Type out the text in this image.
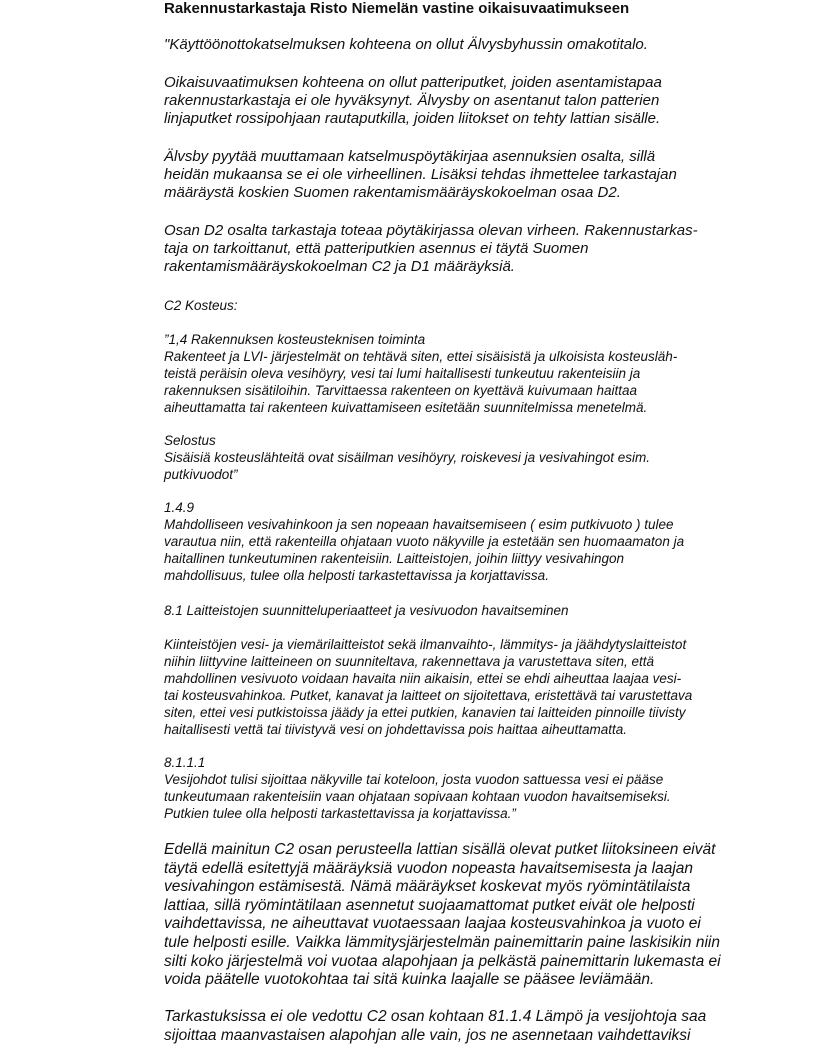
Rakennustarkastaja Risto Niemelän vastine oikaisuvaatimukseen

"Käyttöönottokatselmuksen kohteena on ollut Älvysbyhussin omakotitalo.

Oikaisuvaatimuksen kohteena on ollut patteriputket, joiden asentamistapaa
rakennustarkastaja ei ole hyväksynyt. Älvysby on asentanut talon patterien
linjaputket rossipohjaan rautaputkilla, joiden liitokset on tehty lattian sisälle.

Älvsby pyytää muuttamaan katselmuspöytäkirjaa asennuksien osalta, sillä
heidän mukaansa se ei ole virheellinen. Lisäksi tehdas ihmettelee tarkastajan
määräystä koskien Suomen rakentamismääräyskokoelman osaa D2.

Osan D2 osalta tarkastaja toteaa pöytäkirjassa olevan virheen. Rakennustarkas-
taja on tarkoittanut, että patteriputkien asennus ei täytä Suomen
rakentamismääräyskokoelman C2 ja D1 määräyksiä.

C2 Kosteus:

”1,4 Rakennuksen kosteusteknisen toiminta
Rakenteet ja LVI- järjestelmät on tehtävä siten, ettei sisäisistä ja ulkoisista kosteusläh-
teistä peräisin oleva vesihöyry, vesi tai lumi haitallisesti tunkeutuu rakenteisiin ja
rakennuksen sisätiloihin. Tarvittaessa rakenteen on kyettävä kuivumaan haittaa
aiheuttamatta tai rakenteen kuivattamiseen esitetään suunnitelmissa menetelmä.

Selostus
Sisäisiä kosteuslähteitä ovat sisäilman vesihöyry, roiskevesi ja vesivahingot esim.
putkivuodot”

1.4.9
Mahdolliseen vesivahinkoon ja sen nopeaan havaitsemiseen ( esim putkivuoto ) tulee
varautua niin, että rakenteilla ohjataan vuoto näkyville ja estetään sen huomaamaton ja
haitallinen tunkeutuminen rakenteisiin. Laitteistojen, joihin liittyy vesivahingon
mahdollisuus, tulee olla helposti tarkastettavissa ja korjattavissa.

8.1 Laitteistojen suunnitteluperiaatteet ja vesivuodon havaitseminen

Kiinteistöjen vesi- ja viemärilaitteistot sekä ilmanvaihto-, lämmitys- ja jäähdytyslaitteistot
niihin liittyvine laitteineen on suunniteltava, rakennettava ja varustettava siten, että
mahdollinen vesivuoto voidaan havaita niin aikaisin, ettei se ehdi aiheuttaa laajaa vesi-
tai kosteusvahinkoa. Putket, kanavat ja laitteet on sijoitettava, eristettävä tai varustettava
siten, ettei vesi putkistoissa jäädy ja ettei putkien, kanavien tai laitteiden pinnoille tiivisty
haitallisesti vettä tai tiivistyvä vesi on johdettavissa pois haittaa aiheuttamatta.

8.1.1.1
Vesijohdot tulisi sijoittaa näkyville tai koteloon, josta vuodon sattuessa vesi ei pääse
tunkeutumaan rakenteisiin vaan ohjataan sopivaan kohtaan vuodon havaitsemiseksi.
Putkien tulee olla helposti tarkastettavissa ja korjattavissa.”

Edellä mainitun C2 osan perusteella lattian sisällä olevat putket liitoksineen eivät
täytä edellä esitettyjä määräyksiä vuodon nopeasta havaitsemisesta ja laajan
vesivahingon estämisestä. Nämä määräykset koskevat myös ryömintätilaista
lattiaa, sillä ryömintätilaan asennetut suojaamattomat putket eivät ole helposti
vaihdettavissa, ne aiheuttavat vuotaessaan laajaa kosteusvahinkoa ja vuoto ei
tule helposti esille. Vaikka lämmitysjärjestelmän painemittarin paine laskisikin niin
silti koko järjestelmä voi vuotaa alapohjaan ja pelkästä painemittarin lukemasta ei
voida päätelle vuotokohtaa tai sitä kuinka laajalle se pääsee leviämään.

Tarkastuksissa ei ole vedottu C2 osan kohtaan 81.1.4 Lämpö ja vesijohtoja saa
sijoittaa maanvastaisen alapohjan alle vain, jos ne asennetaan vaihdettaviksi
